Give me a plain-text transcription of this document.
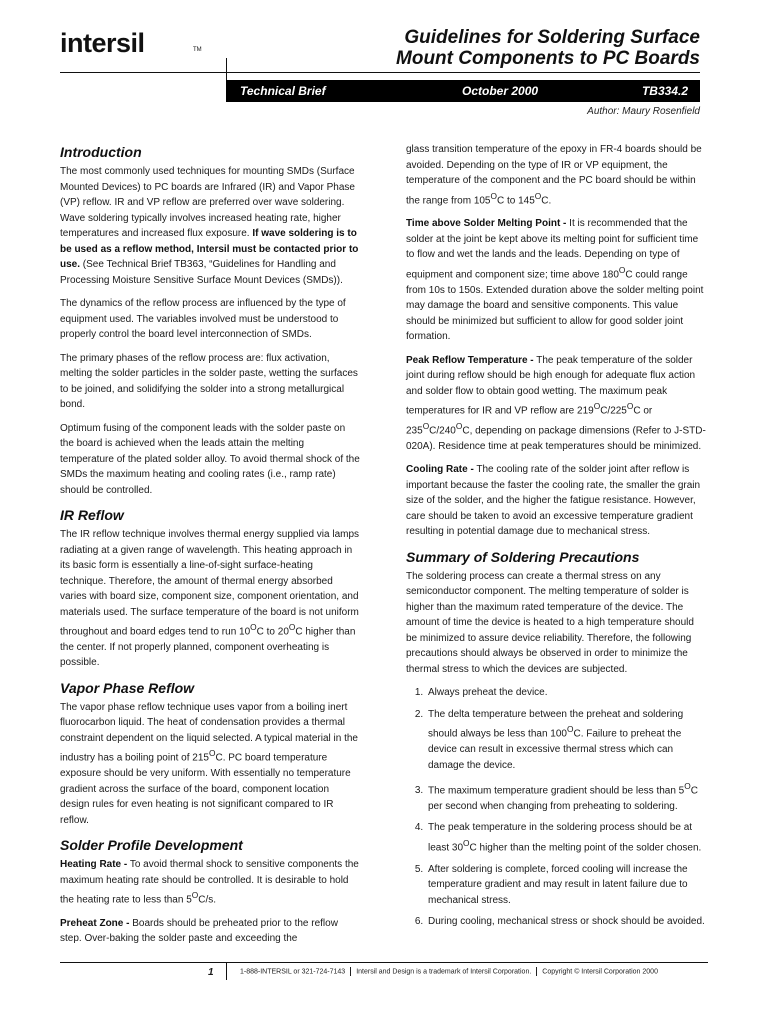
intersil	TM
Guidelines for Soldering Surface
Mount Components to PC Boards
Technical Brief	October 2000	TB334.2
Author: Maury Rosenfield
Introduction

The most commonly used techniques for mounting SMDs (Surface Mounted Devices) to PC boards are Infrared (IR) and Vapor Phase (VP) reflow. IR and VP reflow are preferred over wave soldering. Wave soldering typically involves increased heating rate, higher temperatures and increased flux exposure. If wave soldering is to be used as a reflow method, Intersil must be contacted prior to use. (See Technical Brief TB363, “Guidelines for Handling and Processing Moisture Sensitive Surface Mount Devices (SMDs)).

The dynamics of the reflow process are influenced by the type of equipment used. The variables involved must be understood to properly control the board level interconnection of SMDs.

The primary phases of the reflow process are: flux activation, melting the solder particles in the solder paste, wetting the surfaces to be joined, and solidifying the solder into a strong metallurgical bond.

Optimum fusing of the component leads with the solder paste on the board is achieved when the leads attain the melting temperature of the plated solder alloy. To avoid thermal shock of the SMDs the maximum heating and cooling rates (i.e., ramp rate) should be controlled.

IR Reflow

The IR reflow technique involves thermal energy supplied via lamps radiating at a given range of wavelength. This heating approach in its basic form is essentially a line-of-sight surface-heating technique. Therefore, the amount of thermal energy absorbed varies with board size, component size, component orientation, and materials used. The surface temperature of the board is not uniform throughout and board edges tend to run $10^OC$ to $20^OC$ higher than the center. If not properly planned, component overheating is possible.

Vapor Phase Reflow

The vapor phase reflow technique uses vapor from a boiling inert fluorocarbon liquid. The heat of condensation provides a thermal constraint dependent on the liquid selected. A typical material in the industry has a boiling point of $215^OC$. PC board temperature exposure should be very uniform. With essentially no temperature gradient across the surface of the board, component location design rules for even heating is not significant compared to IR reflow.

Solder Profile Development

Heating Rate - To avoid thermal shock to sensitive components the maximum heating rate should be controlled. It is desirable to hold the heating rate to less than $5^OC/s$.

Preheat Zone - Boards should be preheated prior to the reflow step. Over-baking the solder paste and exceeding the

glass transition temperature of the epoxy in FR-4 boards should be avoided. Depending on the type of IR or VP equipment, the temperature of the component and the PC board should be within the range from $105^OC$ to $145^OC$.

Time above Solder Melting Point - It is recommended that the solder at the joint be kept above its melting point for sufficient time to flow and wet the lands and the leads. Depending on type of equipment and component size; time above $180^OC$ could range from 10s to 150s. Extended duration above the solder melting point may damage the board and sensitive components. This value should be minimized but sufficient to allow for good solder joint formation.

Peak Reflow Temperature - The peak temperature of the solder joint during reflow should be high enough for adequate flux action and solder flow to obtain good wetting. The maximum peak temperatures for IR and VP reflow are $219^OC/225^OC$ or $235^OC/240^OC$, depending on package dimensions (Refer to J-STD-020A). Residence time at peak temperatures should be minimized.

Cooling Rate - The cooling rate of the solder joint after reflow is important because the faster the cooling rate, the smaller the grain size of the solder, and the higher the fatigue resistance. However, care should be taken to avoid an excessive temperature gradient resulting in potential damage due to mechanical stress.

Summary of Soldering Precautions

The soldering process can create a thermal stress on any semiconductor component. The melting temperature of solder is higher than the maximum rated temperature of the device. The amount of time the device is heated to a high temperature should be minimized to assure device reliability. Therefore, the following precautions should always be observed in order to minimize the thermal stress to which the devices are subjected.

1. Always preheat the device.
2. The delta temperature between the preheat and soldering should always be less than $100^OC$. Failure to preheat the device can result in excessive thermal stress which can damage the device.
3. The maximum temperature gradient should be less than $5^OC$ per second when changing from preheating to soldering.
4. The peak temperature in the soldering process should be at least $30^OC$ higher than the melting point of the solder chosen.
5. After soldering is complete, forced cooling will increase the temperature gradient and may result in latent failure due to mechanical stress.
6. During cooling, mechanical stress or shock should be avoided.
1	1-888-INTERSIL or 321-724-7143 Intersil and Design is a trademark of Intersil Corporation. Copyright © Intersil Corporation 2000
